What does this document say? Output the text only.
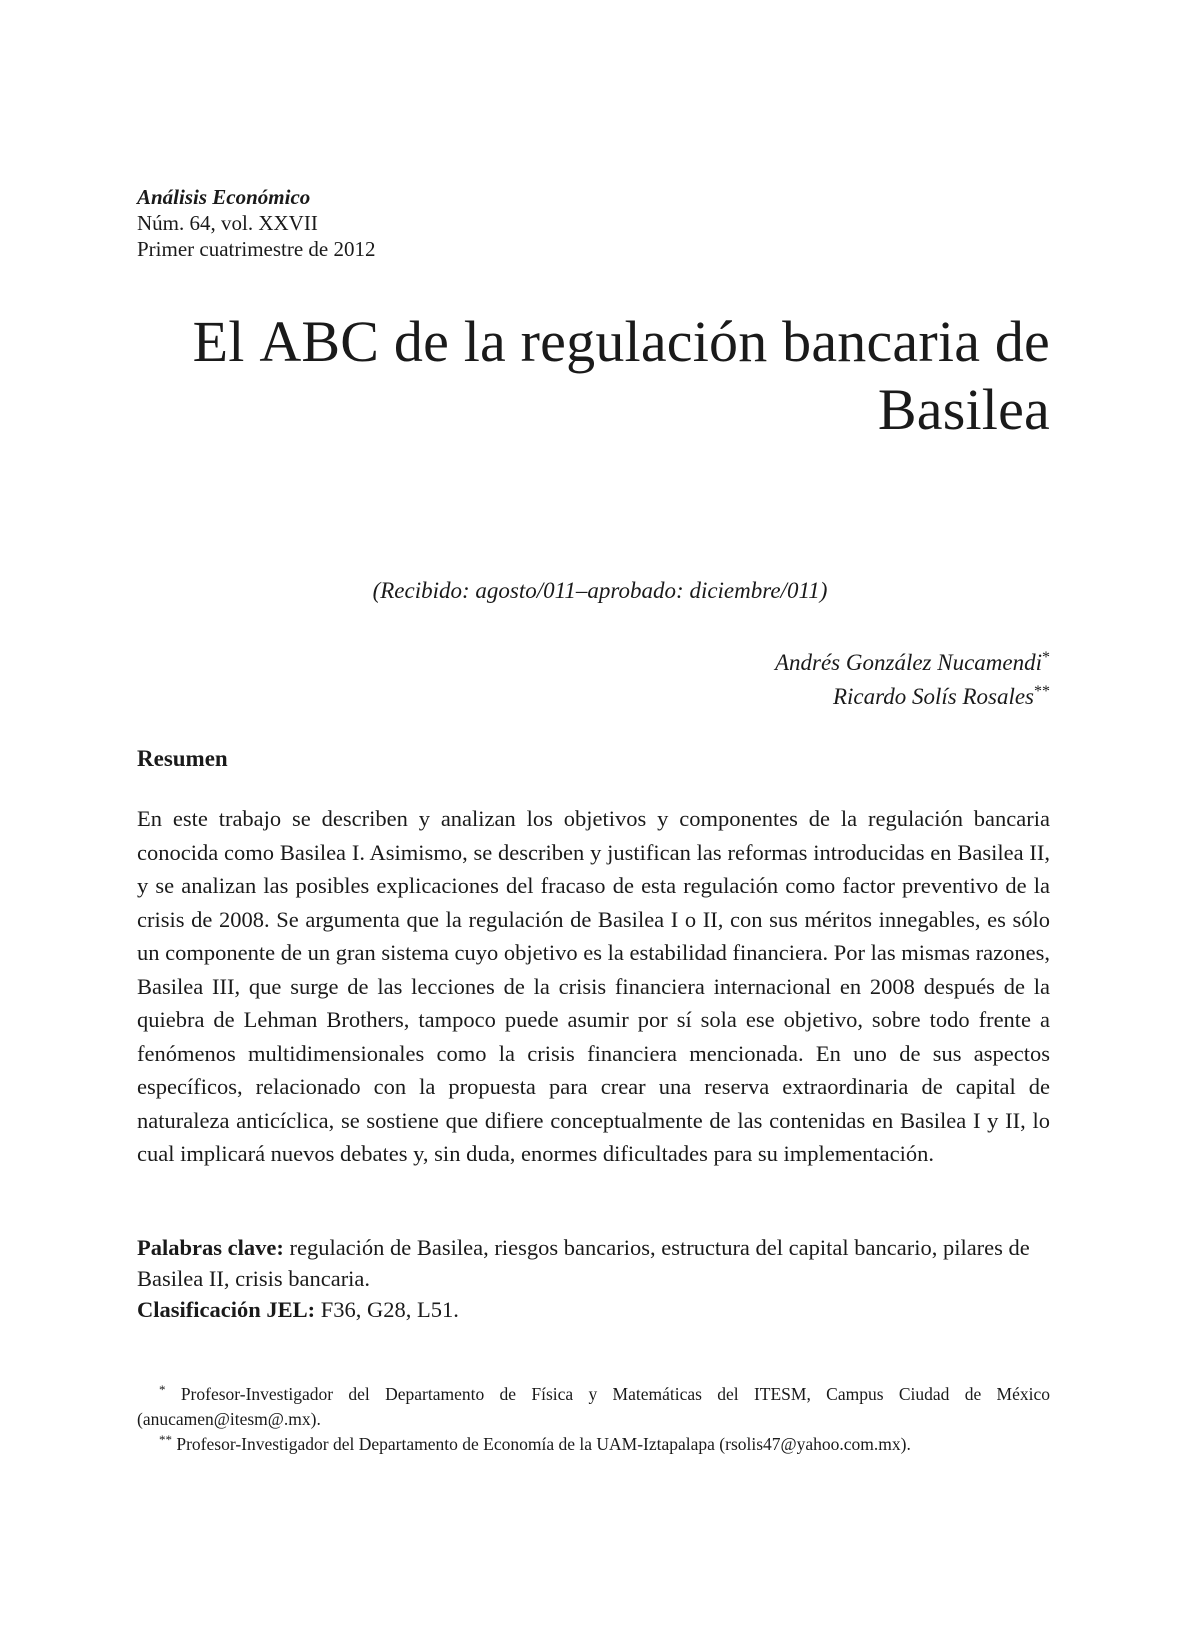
Análisis Económico
Núm. 64, vol. XXVII
Primer cuatrimestre de 2012
El ABC de la regulación bancaria de
Basilea
(Recibido: agosto/011–aprobado: diciembre/011)
Andrés González Nucamendi*
Ricardo Solís Rosales**
Resumen
En este trabajo se describen y analizan los objetivos y componentes de la regulación bancaria conocida como Basilea I. Asimismo, se describen y justifican las reformas introducidas en Basilea II, y se analizan las posibles explicaciones del fracaso de esta regulación como factor preventivo de la crisis de 2008. Se argumenta que la regulación de Basilea I o II, con sus méritos innegables, es sólo un componente de un gran sistema cuyo objetivo es la estabilidad financiera. Por las mismas razones, Basilea III, que surge de las lecciones de la crisis financiera internacional en 2008 después de la quiebra de Lehman Brothers, tampoco puede asumir por sí sola ese objetivo, sobre todo frente a fenómenos multidimensionales como la crisis financiera mencionada. En uno de sus aspectos específicos, relacionado con la propuesta para crear una reserva extraordinaria de capital de naturaleza anticíclica, se sostiene que difiere conceptualmente de las contenidas en Basilea I y II, lo cual implicará nuevos debates y, sin duda, enormes dificultades para su implementación.
Palabras clave: regulación de Basilea, riesgos bancarios, estructura del capital bancario, pilares de Basilea II, crisis bancaria.
Clasificación JEL: F36, G28, L51.

* Profesor-Investigador del Departamento de Física y Matemáticas del ITESM, Campus Ciudad de México (anucamen@itesm@.mx).

** Profesor-Investigador del Departamento de Economía de la UAM-Iztapalapa (rsolis47@yahoo.com.mx).
